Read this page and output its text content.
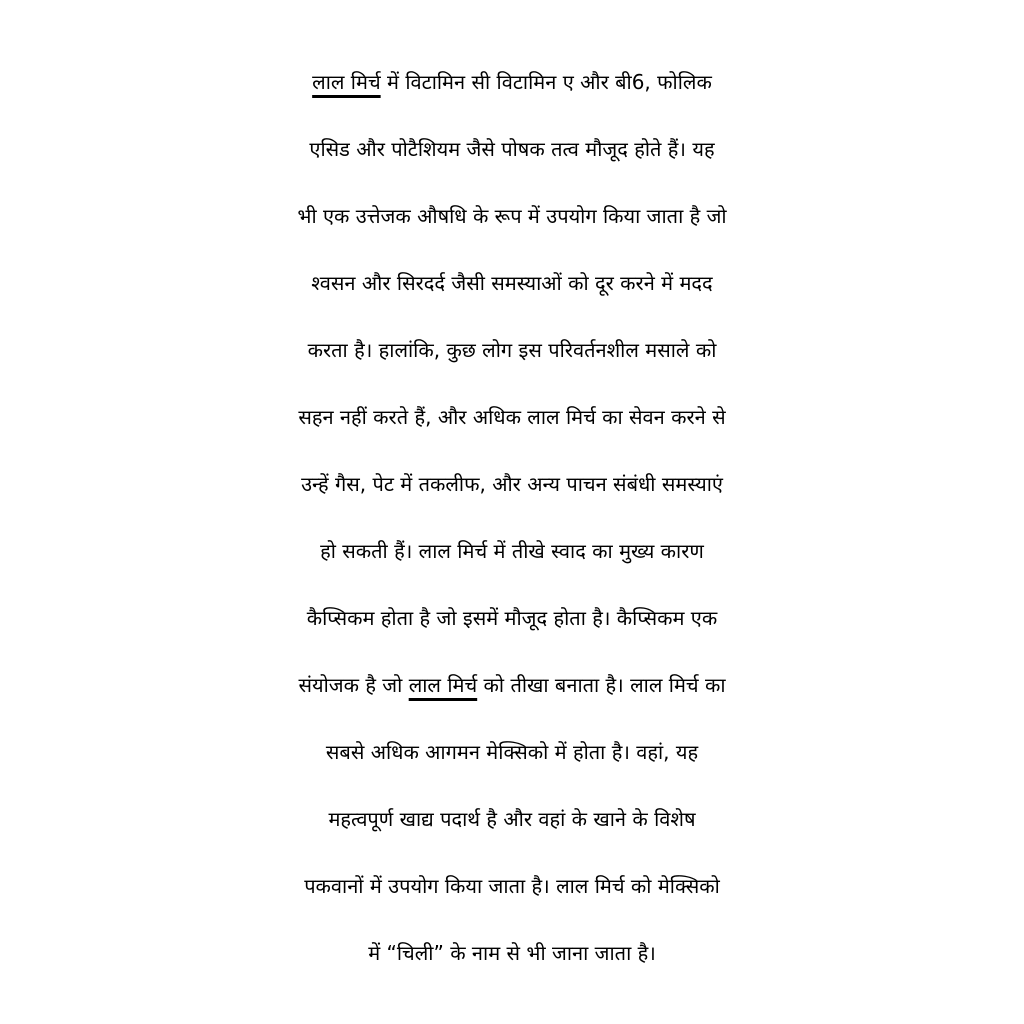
लाल मिर्च में विटामिन सी विटामिन ए और बी6, फोलिक
एसिड और पोटैशियम जैसे पोषक तत्व मौजूद होते हैं। यह
भी एक उत्तेजक औषधि के रूप में उपयोग किया जाता है जो
श्वसन और सिरदर्द जैसी समस्याओं को दूर करने में मदद
करता है। हालांकि, कुछ लोग इस परिवर्तनशील मसाले को
सहन नहीं करते हैं, और अधिक लाल मिर्च का सेवन करने से
उन्हें गैस, पेट में तकलीफ, और अन्य पाचन संबंधी समस्याएं
हो सकती हैं। लाल मिर्च में तीखे स्वाद का मुख्य कारण
कैप्सिकम होता है जो इसमें मौजूद होता है। कैप्सिकम एक
संयोजक है जो लाल मिर्च को तीखा बनाता है। लाल मिर्च का
सबसे अधिक आगमन मेक्सिको में होता है। वहां, यह
महत्वपूर्ण खाद्य पदार्थ है और वहां के खाने के विशेष
पकवानों में उपयोग किया जाता है। लाल मिर्च को मेक्सिको
में “चिली” के नाम से भी जाना जाता है।
